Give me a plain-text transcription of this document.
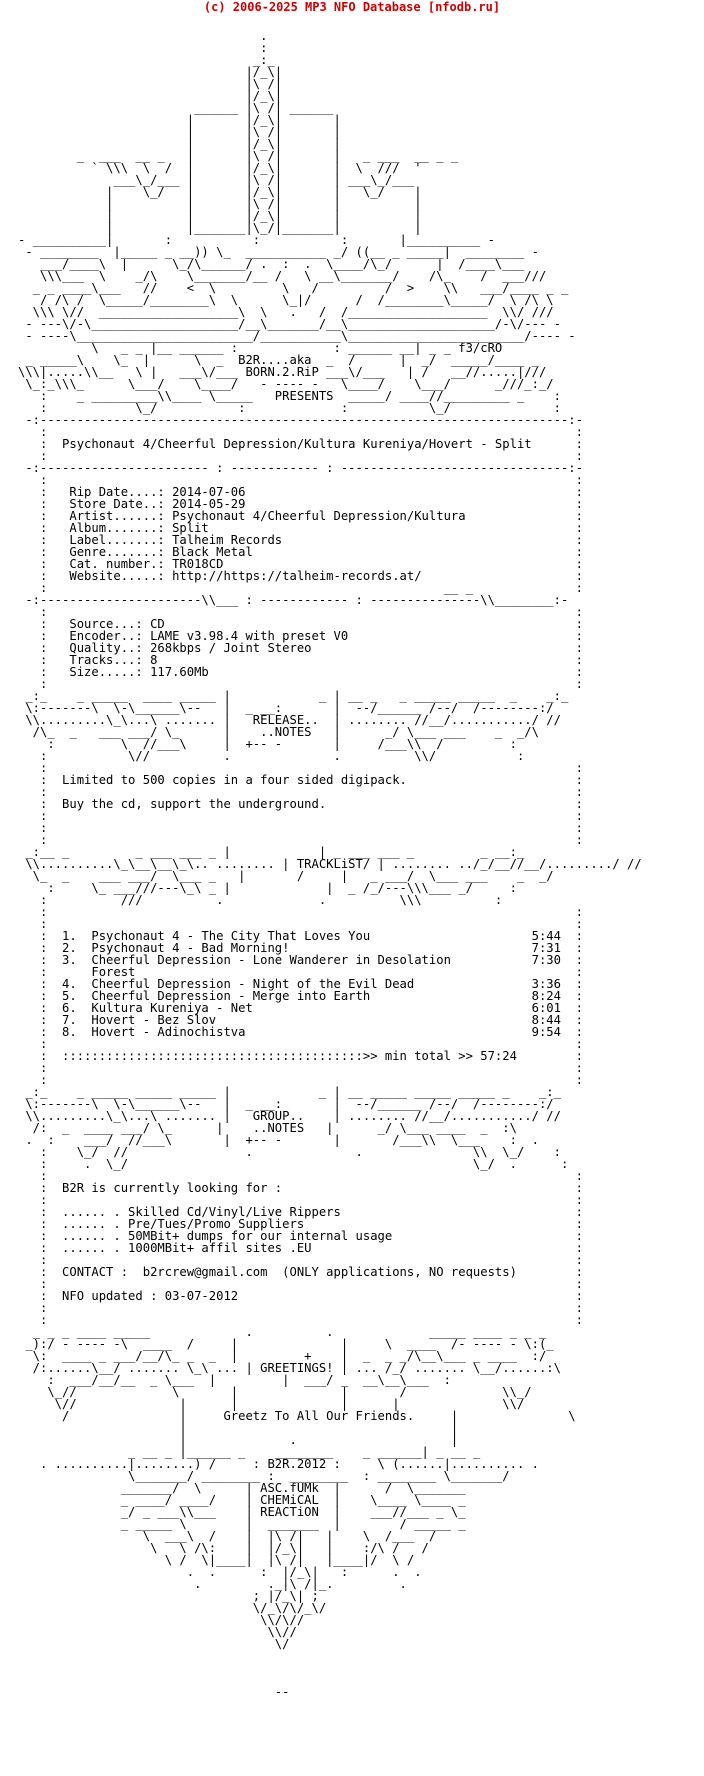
(c) 2006-2025 MP3 NFO Database [nfodb.ru]
.
:
_:_
|/_\|
|\ /|
|/_\|
______ |\ /| ______
|       |/_\|       |
|       |\ /|       |
|       |/_\|       |
_  ___  __ _   |       |\ /|       |   _ ___  __ _ _
` \\\  \  /  |       |/_\|       |  \  ///  '
___\_/___ |       |\ /|       | ___\_/___
|    \_/   |       |/_\|       |   \_/    |
|          |       |\ /|       |          |
|          |       |/_\|       |          |
|          |_______|\_/|_______|          |
- __________|       :           :           :       |__________ -
- ________  |_____ _ __)) \_  ___________ _/ ((__ _ _____|  ________ -
___/____\  |      \_/\______/ .  :  .  \____/\_/      |  /____\___
\\\___  \    _/\    \_______/__ /   \ __\_______/    /\_    /  ___///
_ _ ____\___   //    <  \         \   /         /  >    \\   ___/____ _ _
/ /\ /  \_____/________\  \      \_|/      /  /________\_____/  \ /\ \
\\\ \//  ___________________\  \   .   /  /___________________  \\/ ///
- ---\/-\____________________/__\_______/__\____________________/-\/--- -
- ----\________________________/___________\________________________/---- -
\   _ _ |__ ______ :             : ______ __| _ _ f3/cRO
_ _____\    \_  |      \  _  B2R....aka  _  /      |  _/  _____/____ _
\\\|.....\\__   \ |   ___\/___ BORN.2.RiP ___\/___   | /   __//.....|///
\_:_\\\_      \___/    \____/   - ---- -   \____/    \___/      _///_:_/
:    _ _________\\____ \_____   PRESENTS  _____/ ____//_________ _    :
:            \_/           :             :           \_/              :
-:------------------------------------------------------------------------:-
:                                                                        :
:  Psychonaut 4/Cheerful Depression/Kultura Kureniya/Hovert - Split      :
:                                                                        :
-:----------------------- : ------------ : -------------------------------:-
:                                                                        :
:   Rip Date....: 2014-07-06                                             :
:   Store Date..: 2014-05-29                                             :
:   Artist......: Psychonaut 4/Cheerful Depression/Kultura               :
:   Album.......: Split                                                  :
:   Label.......: Talheim Records                                        :
:   Genre.......: Black Metal                                            :
:   Cat. number.: TR018CD                                                :
:   Website.....: http://https://talheim-records.at/                     :
:                                                      __ _              :
-:----------------------\\___ : ------------ : ---------------\\________:-
:                                                                        :
:   Source...: CD                                                        :
:   Encoder..: LAME v3.98.4 with preset V0                               :
:   Quality..: 268kbps / Joint Stereo                                    :
:   Tracks...: 8                                                         :
:   Size.....: 117.60Mb                                                  :
:                                                                        :
_:_    _ _____  ____ _____ |            _ | __ _   _ _____ _____  _    _:_
\:-------\  \-\______\--   |  _ __:       |  --/______ /--/  /--------:/
\\.........\_\...\ ....... |   RELEASE..  | ........ //__/.........../ //
/\_  _   ___ ___/ \_      |    ..NOTES   |      _/ \___ ___    _  _/\
:         \  //___\     |  +-- -       |     /___\\  /         :
:           \//          .              .          \\/           :
:                                                                        :
:  Limited to 500 copies in a four sided digipack.                       :
:                                                                        :
:  Buy the cd, support the underground.                                  :
:                                                                        :
:                                                                        :
:                                                                        :
_:__ _         _ ___ ___ _ |            | _ ___ ___ _         _ __:_
\\..........\_\__\__\_\.. ........ | TRACKLiST/ | ........ ../_/__//__/........./ //
\_  _    ___ ___/  \___ _   |       /     |   _ ___/  \___ ___    _  _/
:     \_ ___///---\_\ _ |             |  _ /_/---\\\___ _/     :
:          ///          .             .          \\\          :
:                                                                        :
:                                                                        :
:  1.  Psychonaut 4 - The City That Loves You                      5:44  :
:  2.  Psychonaut 4 - Bad Morning!                                 7:31  :
:  3.  Cheerful Depression - Lone Wanderer in Desolation           7:30  :
:      Forest                                                            :
:  4.  Cheerful Depression - Night of the Evil Dead                3:36  :
:  5.  Cheerful Depression - Merge into Earth                      8:24  :
:  6.  Kultura Kureniya - Net                                      6:01  :
:  7.  Hovert - Bez Slov                                           8:44  :
:  8.  Hovert - Adinochistva                                       9:54  :
:                                                                        :
:  :::::::::::::::::::::::::::::::::::::::::>> min total >> 57:24        :
:                                                                        :
:                                                                        :
_:_    _ _____ _____ _____ |            _ | __ _____ _____ _____ _    _:_
\:-------\  \-\______\--   |  _ __:       |  --/______ /--/  /--------:/
\\.........\_\...\ ....... |   GROUP..    | ........ //__/.........../ //
/:  _  ____ ___/ \_      |    ..NOTES   |      _/ \___ ____  _  :\
.  :    ___/  //___\       |  +-- -       |       /___\\  \___    :  .
:    \_/  //                .              .               \\  \_/    :
:     .  \_/                                               \_/  .      :
:                                                                        :
:  B2R is currently looking for :                                        :
:                                                                        :
:  ...... . Skilled Cd/Vinyl/Live Rippers                                :
:  ...... . Pre/Tues/Promo Suppliers                                     :
:  ...... . 50MBit+ dumps for our internal usage                         :
:  ...... . 1000MBit+ affil sites .EU                                    :
:                                                                        :
:  CONTACT :  b2rcrew@gmail.com  (ONLY applications, NO requests)        :
:                                                                        :
:  NFO updated : 03-07-2012                                              :
:                                                                        :
:                                                                        :
_ _ _ ____ _____             .          .             _____ ____ _ _ _
_):/ - ---- -\  ____  /     |              |     \  ____  /- ---- - \:(_
\:  ____ _ ___/__/\_ _  _  |         +    |  _  _ _/\__\___ _ ____  :/
/:......\__/ ....... \_\ ... | GREETINGS! | ... /_/ ....... \__/......:\
:  ___/__/__  _ \___  |         |  ___/ _  __\__\___  :
\_//             \       |              |       /             \\_/
\//              |      |              |      |              \\/
/               |     Greetz To All Our Friends.     |               \
|                                    |
|              .                     |
_ __ _ |______ _    ________    _ ______| _ __ _
. ..........|........) /     : B2R.2012 :     \ (......|.......... .
\_______/ ________ :  ________  : ________ \_______/
_______/  \      | ASC.fUMk  |      /  \_______
_ ____/ ____/    | CHEMiCAL  |    \____ \____ _
_/ _ ___\\___    | REACTiON  |    ___//___ _ \_
_ _____ \        |  _______  |        / _____ _
\  ___\  /    |  |\ /|   |    \  /___  /
\   \ /\:    |  |/_\|   |    :/\ /   /
\ /  \|____|  |\ /|   |____|/  \ /
.  .      :  |/_\|   :      .  .
.         ._|\ /|_.         .
; |/_\| ;
\/_\/\/_\/
\\/\//
\\//
\/

--
